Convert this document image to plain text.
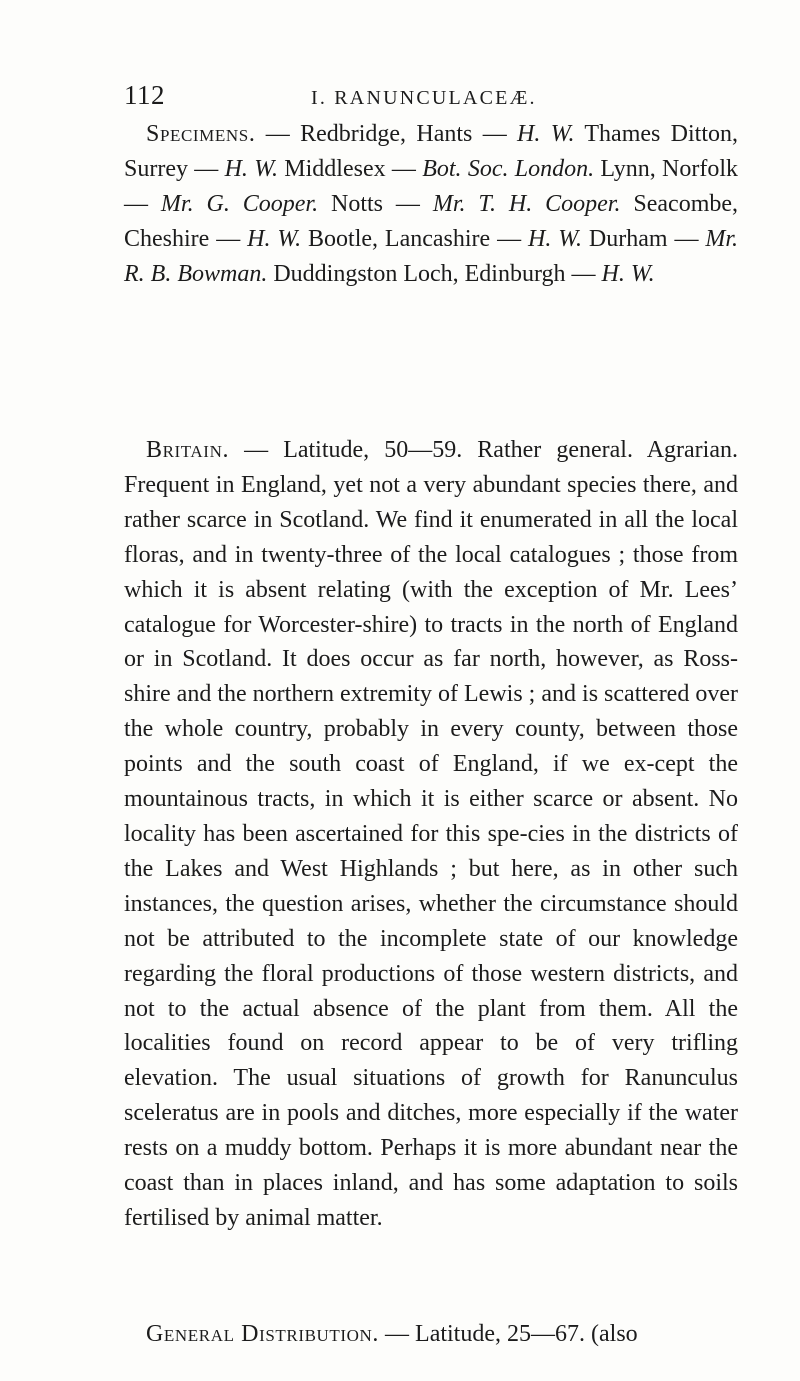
112	I. RANUNCULACEÆ.

Specimens. — Redbridge, Hants — H. W. Thames Ditton, Surrey — H. W. Middlesex — Bot. Soc. London. Lynn, Norfolk — Mr. G. Cooper. Notts — Mr. T. H. Cooper. Seacombe, Cheshire — H. W. Bootle, Lancashire — H. W. Durham — Mr. R. B. Bowman. Duddingston Loch, Edinburgh — H. W.

Britain. — Latitude, 50—59. Rather general. Agrarian. Frequent in England, yet not a very abundant species there, and rather scarce in Scotland. We find it enumerated in all the local floras, and in twenty-three of the local catalogues ; those from which it is absent relating (with the exception of Mr. Lees’ catalogue for Worcester-shire) to tracts in the north of England or in Scotland. It does occur as far north, however, as Ross-shire and the northern extremity of Lewis ; and is scattered over the whole country, probably in every county, between those points and the south coast of England, if we ex-cept the mountainous tracts, in which it is either scarce or absent. No locality has been ascertained for this spe-cies in the districts of the Lakes and West Highlands ; but here, as in other such instances, the question arises, whether the circumstance should not be attributed to the incomplete state of our knowledge regarding the floral productions of those western districts, and not to the actual absence of the plant from them. All the localities found on record appear to be of very trifling elevation. The usual situations of growth for Ranunculus sceleratus are in pools and ditches, more especially if the water rests on a muddy bottom. Perhaps it is more abundant near the coast than in places inland, and has some adaptation to soils fertilised by animal matter.

General Distribution. — Latitude, 25—67. (also
